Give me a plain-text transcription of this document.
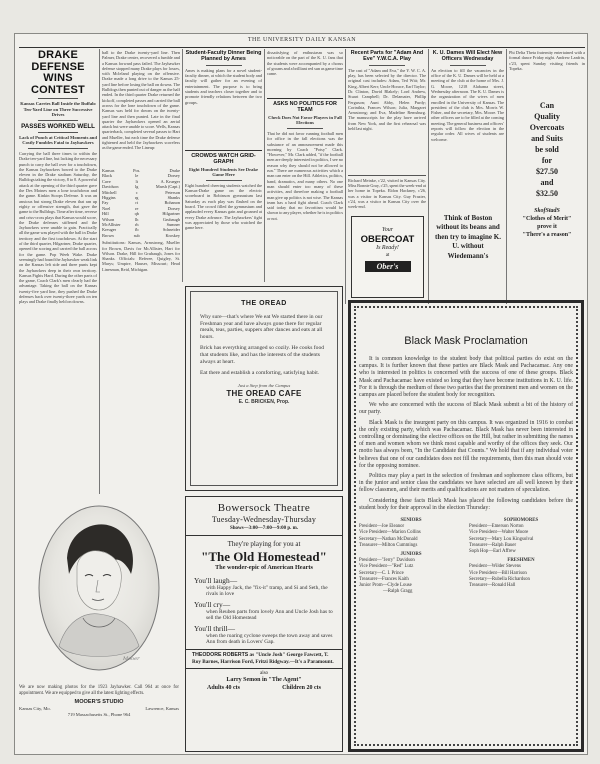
THE UNIVERSITY DAILY KANSAN
DRAKE DEFENSE WINS CONTEST
Kansas Carries Ball Inside the Buffalo Ten-Yard Line on Three Successive Drives
PASSES WORKED WELL
Lack of Punch at Critical Moments and Costly Fumbles Fatal to Jayhawkers
Carrying the ball three times to within the Drake ten-yard line, but lacking the necessary punch to carry the ball over for a touchdown, the Kansas Jayhawkers bowed to the Drake eleven in the Drake stadium Saturday, the Bulldogs taking the victory, 8 to 0. A powerful attack at the opening of the third quarter gave the Des Moines men a lone touchdown and the game. Kinkin Stoops Defense. It was an anxious but strong Drake eleven that ran up eighty or offensive strength, that gave the game to the Bulldogs. Time after time, reverse and criss-cross plays that Kansas would score, the Drake defenses stiffened and the Jayhawkers were unable to gain. Practically all the game was played with the ball in Drake territory and the first touchdown. At the start of the third quarter, Hilgartner, Drake quarter, opened the scoring and carried the ball across for the game. Pop Weeb Wake. Drake seemingly had found the Jayhawker weak link on the Kansas left side and three punts kept the Jayhawkers deep in their own territory. Kansas Fights Hard. During the other parts of the game, Coach Clark's men clearly had the advantage. Taking the ball on the Kansas twenty-five yard line, they pushed the Drake defenses back over twenty-three yards on ten plays and Drake finally held on downs.
ball to the Drake twenty-yard line. Then Palmer, Drake center, recovered a fumble and a Kansas forward pass failed. The Jayhawker defense stopped many Drake plays for losses, with Mcleland playing on the offensive. Drake made a long drive to the Kansas 25-yard line before losing the ball on downs. The Bulldogs then punted out of danger as the half ended. In the third quarter Drake returned the kickoff, completed passes and carried the ball across for the lone touchdown of the game. Kansas was held for downs on the twenty-yard line and then punted. Late in the final quarter the Jayhawkers opened an aerial attack but were unable to score. Wells, Kansas quarterback, completed several passes to Hart and Mueller, but each time the Drake defense tightened and held the Jayhawkers scoreless as the game ended. The Lineup:
Kansas	Pos.	Drake
Black	le	Dorsey
Cave	lt	A. Krueger
Davidson	lg	Marsh (Capt.)
Mitchell	c	Peterson
Higgins	rg	Shanks
Fay	rt	Bohanon
Noel	re	Dorsey
Hill	qb	Hilgartner
Wilson	lh	Grubaugh
McAllister	rh	Sumner
Kreuger	fb	Schneider
Brown	sub	Kroskey
Substitutions: Kansas, Armstrong, Mueller for Brown, Davis for McAllister, Hart for Wilson. Drake, Hill for Grubaugh, Jones for Shanks. Officials: Referee, Quigley, St. Marys; Umpire, Hauser, Missouri; Head Linesman, Reid, Michigan.
Student-Faculty Dinner Being Planned by Ames
Ames is making plans for a novel student-faculty dinner, at which the student body and faculty will gather for an evening of entertainment. The purpose is to bring students and teachers closer together and to promote friendly relations between the two groups.
CROWDS WATCH GRID-GRAPH
Eight Hundred Students See Drake Game Here
Eight hundred cheering students watched the Kansas-Drake game on the electric scoreboard in Robinson gymnasium last Saturday as each play was flashed on the board. The crowd filled the gymnasium and applauded every Kansas gain and groaned at every Drake advance. The Jayhawkers' fight was appreciated by those who watched the game here.
dissatisfying of enthusiasm was so noticeable on the part of the K. U. fans that the students were accompanied by a chorus of groans and a brilliant red sun as game time came.
ASKS NO POLITICS FOR TEAM
Check Does Not Favor Players in Fall Elections
That he did not favor running football men for office in the fall elections was the substance of an announcement made this morning by Coach "Potsy" Clark. "However," Mr. Clark added, "if the football men are deeply interested in politics, I see no reason why they should not be allowed to run." There are numerous activities which a man can enter on the Hill. Athletics, politics, band, dramatics, and many others. No one man should enter too many of these activities, and therefore making a football man give up politics is not wise. The Kansas team has a hard fight ahead. Coach Clark said today that no favoritism would be shown to any player, whether he is in politics or not.
Recent Parts for "Adam And Eve" Y.W.C.A. Play
The cast of "Adam and Eva," the Y. W. C. A. play, has been selected by the director. The original cast includes: Adam, Ted Witt; Mr. King, Albert Kerr; Uncle Horace, Earl Taylor; Dr. Clinton, David Blakely; Lord Andrew, Stuart Campbell; Dr. Delamater, Phillip Ferguson; Aunt Abby, Helen Purdy; Corinthia, Frances Wilson; Julia, Margaret Armstrong; and Eva, Madeline Remsburg. The manuscripts for the play have arrived from New York, and the first rehearsal was held last night.
Richard Meinke, c'22, visited in Kansas City. Miss Bonnie Gray, c'25, spent the week-end at her home in Topeka. Eldon Hackney, c'26, was a visitor in Kansas City. Guy Frazier, c'24, was a visitor in Kansas City over the week-end.
Your
OBERCOAT
Is Ready!
at
Ober's
K. U. Dames Will Elect New Officers Wednesday
An election to fill the vacancies in the office of the K. U. Dames will be held at a meeting of the club at the home of Mrs. J. G. Moore, 1218 Alabama street, Wednesday afternoon. The K. U. Dames is the organization of the wives of men enrolled in the University of Kansas. The president of the club is Mrs. Morris W. Fisher, and the secretary, Mrs. Moore. The other officers are to be filled at the coming meeting. The general business and officers' reports will follow the election in the regular order. All wives of students are welcome.
Think of Boston without its beans and then try to imagine K. U. without Wiedemann's
Phi Delta Theta fraternity entertained with a formal dance Friday night. Andrew Lanfrin, c'23, spent Sunday visiting friends in Topeka.
Can
Quality
Overcoats
and Suits
be sold
for
$27.50
and
$32.50
SkofStadS
"Clothes of Merit"
prove it
"There's a reason"
THE OREAD
Why sure—that's where We eat We started there in our Freshman year and have always gone there for regular meals, teas, parties, suppers after dances and eats at all hours.
Brick has everything arranged so cozily. He cooks food that students like, and has the interests of the students always at heart.
Eat there and establish a comforting, satisfying habit.
Just a Step from the Campus
THE OREAD CAFE
E. C. BRICKEN, Prop.
Mooer
We are now making photos for the 1923 Jayhawker. Call 964 at once for appointment. We are equipped to give all the latest lighting effects.
MOOER'S STUDIO
Kansas City, Mo.	Lawrence, Kansas
719 Massachusetts St., Phone 964
Bowersock Theatre
Tuesday-Wednesday-Thursday
Shows—3:00—7:00—9:00 p. m.
They're playing for you at
"The Old Homestead"
The wonder-epic of American Hearts
You'll laugh—
with Happy Jack, the "fix-it" tramp, and Si and Seth, the rivals in love
You'll cry—
when Reuben parts from lovely Ann and Uncle Josh has to sell the Old Homestead
You'll thrill—
when the roaring cyclone sweeps the town away and saves Ann from death in Lovers' Gap.
THEODORE ROBERTS as "Uncle Josh" George Fawcett, T. Roy Barnes, Harrison Ford, Fritzi Ridgway.—It's a Paramount.
also
Larry Semon in "The Agent"
Adults 40 cts	Children 20 cts
Black Mask Proclamation
It is common knowledge to the student body that political parties do exist on the campus. It is further known that these parties are Black Mask and Pachacamac. Any one who is interested in politics is concerned with the success of one of these groups. Black Mask and Pachacamac have existed so long that they have become institutions in K. U. life. For it is through the medium of these two parties that the prominent men and women on the campus are placed before the student body for recognition.
We who are concerned with the success of Black Mask submit a bit of the history of our party.
Black Mask is the insurgent party on this campus. It was organized in 1916 to combat the only existing party, which was Pachacamac. Black Mask has never been interested in controlling or dominating the elective offices on the Hill, but rather in submitting the names of men and women whom we think most capable and worthy of the offices they seek. Our motto has always been, "In the Candidate that Counts." We hold that if any individual voter believes that one of our candidates does not fill the requirements, then this man should vote for the opposing nominee.
Politics may play a part in the selection of freshman and sophomore class officers, but in the junior and senior class the candidates we have selected are all well known by their fellow classmen, and their merits and qualifications are not matters of speculation.
Considering these facts Black Mask has placed the following candidates before the student body for their approval in the election Thursday:
SENIORS
President—Joe Eleanor
Vice President—Marion Collins
Secretary—Nathan McDonald
Treasurer—Milton Cummings
JUNIORS
President—"Jerry" Davidson
Vice President—"Red" Lutz
Secretary—C. I. Prince
Treasurer—Frances Kaith
Junior Prom—Clyde Louse
—Ralph Gragg
SOPHOMORES
President—Emerson Norton
Vice President—Walter Moore
Secretary—Mary Lou Kingsolval
Treasurer—Ralph Bauer
Soph Hop—Earl Affrew
FRESHMEN
President—Wilder Stevens
Vice President—Bill Harrison
Secretary—Rubella Richardson
Treasurer—Ronald Hall
